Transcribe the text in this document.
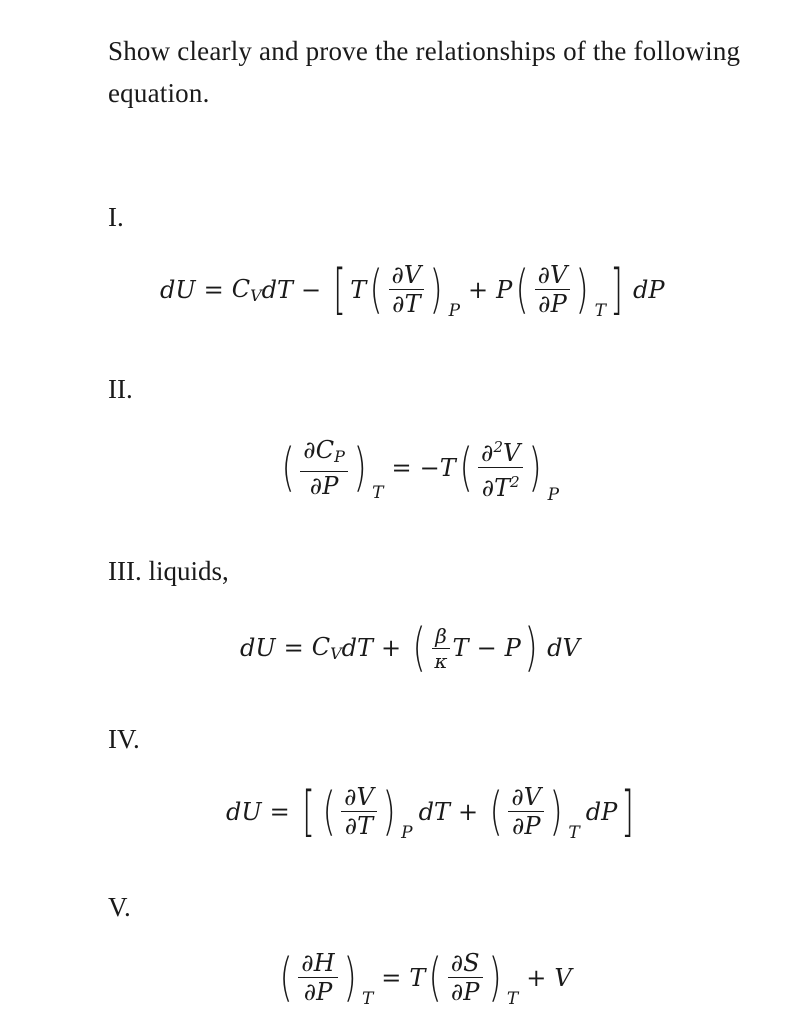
Show clearly and prove the relationships of the following equation.
I.
dU = $C_V$ dT − [ T ( $\frac{\partial V}{\partial T}$ ) P
+ P ( $\frac{\partial V}{\partial P}$ ) T ] dP
II.
( $\frac{\partial C_P}{\partial P}$ ) T
= − T ( $\frac{\partial^2V}{\partial T^2}$ ) P
III. liquids,
dU = $C_V$ dT + ( $\frac{\beta}{\kappa}$ T − P ) dV
IV.
dU = [ ( $\frac{\partial V}{\partial T}$ ) P
dT + ( $\frac{\partial V}{\partial P}$ ) T
dP ]
V.
( $\frac{\partial H}{\partial P}$ ) T
= T ( $\frac{\partial S}{\partial P}$ ) T
+ V
